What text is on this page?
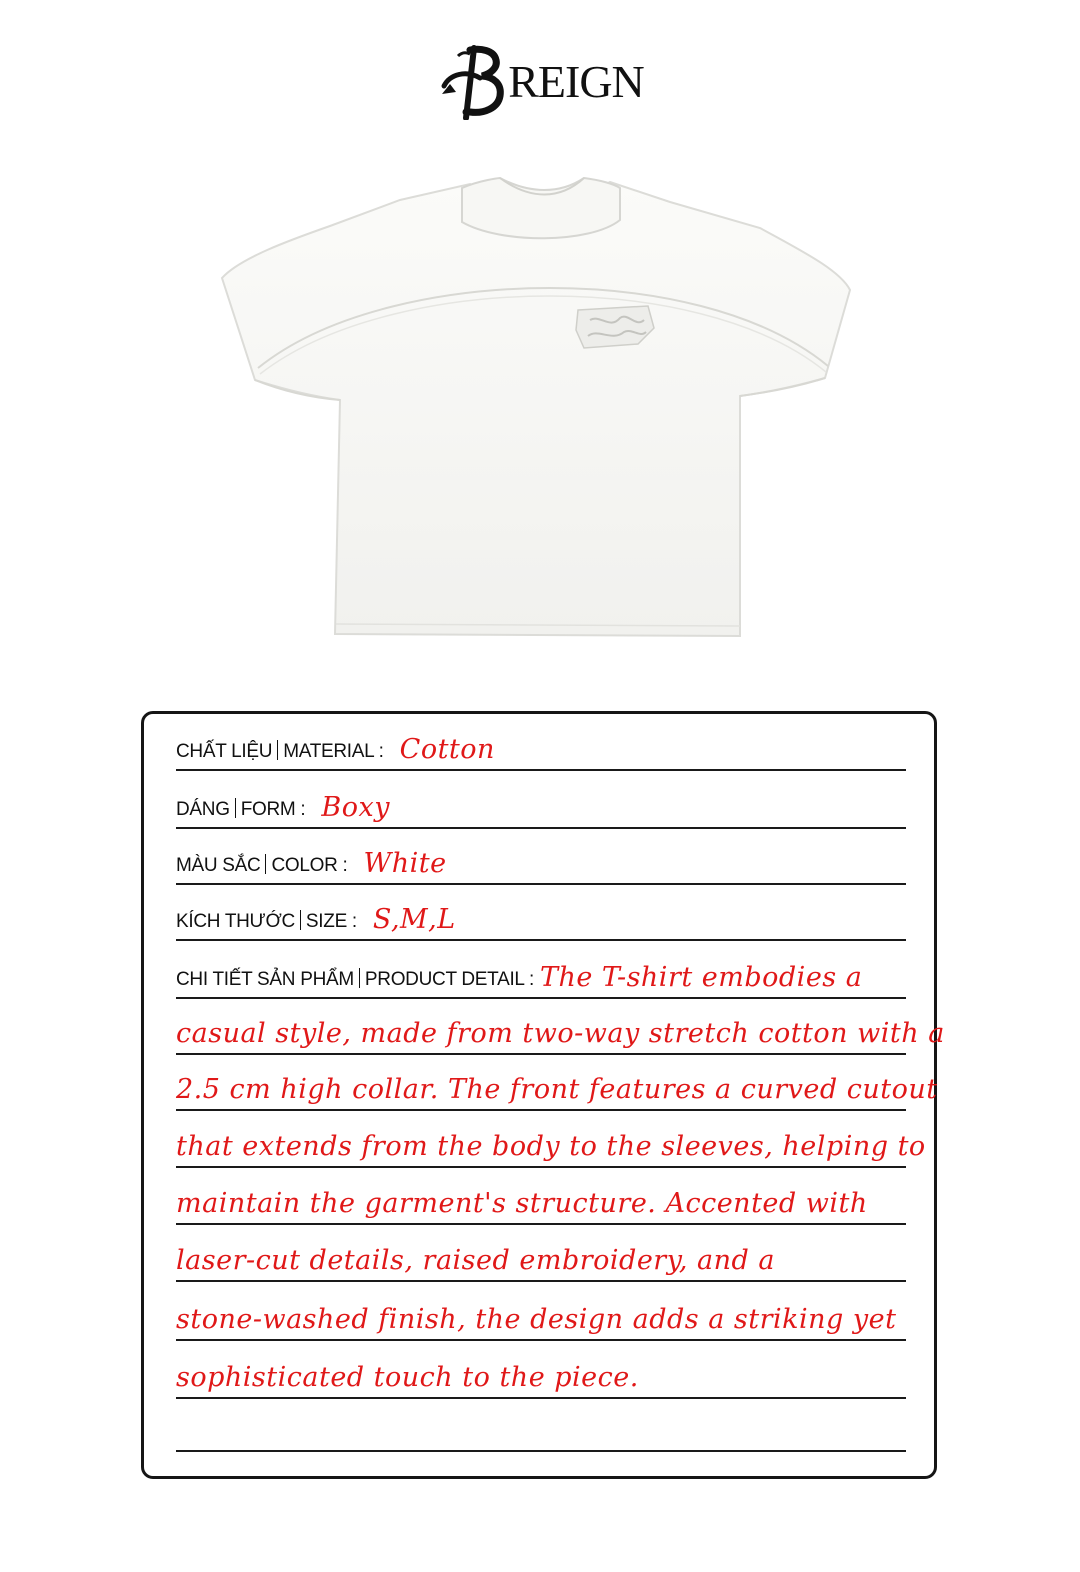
REIGN
CHẤT LIỆU MATERIAL : Cotton
DÁNG FORM : Boxy
MÀU SẮC COLOR : White
KÍCH THƯỚC SIZE : S,M,L
CHI TIẾT SẢN PHẨM PRODUCT DETAIL : The T-shirt embodies a
casual style, made from two-way stretch cotton with a
2.5 cm high collar. The front features a curved cutout
that extends from the body to the sleeves, helping to
maintain the garment's structure. Accented with
laser-cut details, raised embroidery, and a
stone-washed finish, the design adds a striking yet
sophisticated touch to the piece.
